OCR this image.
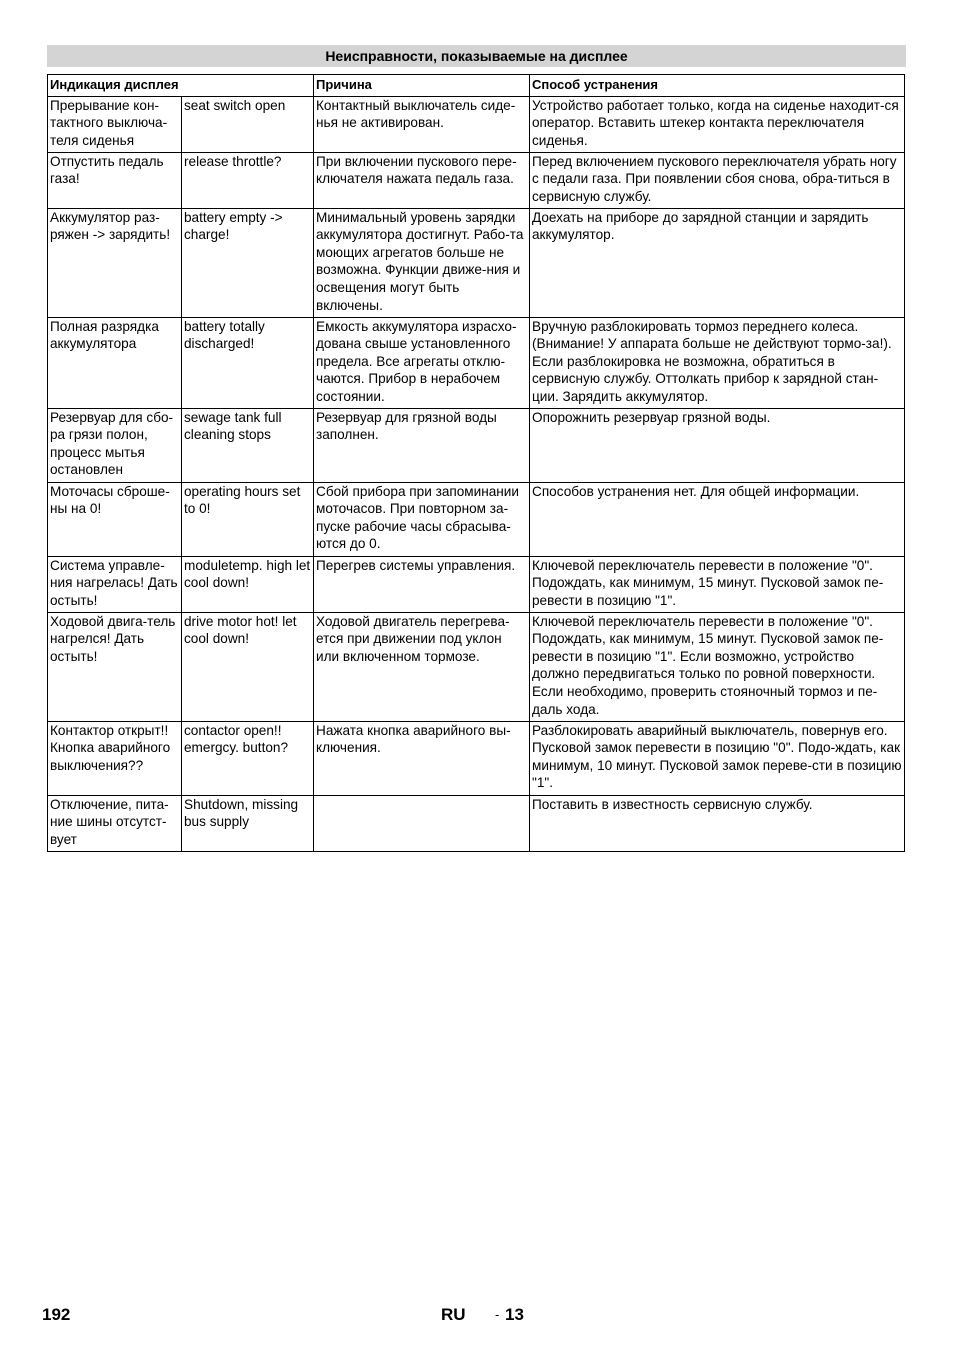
Неисправности, показываемые на дисплее
Индикация дисплея		Причина	Способ устранения
Прерывание кон-тактного выключа-теля сиденья	seat switch open	Контактный выключатель сиде-нья не активирован.	Устройство работает только, когда на сиденье находит-ся оператор. Вставить штекер контакта переключателя сиденья.
Отпустить педаль газа!	release throttle?	При включении пускового пере-ключателя нажата педаль газа.	Перед включением пускового переключателя убрать ногу с педали газа. При появлении сбоя снова, обра-титься в сервисную службу.
Аккумулятор раз-ряжен -> зарядить!	battery empty -> charge!	Минимальный уровень зарядки аккумулятора достигнут. Рабо-та моющих агрегатов больше не возможна. Функции движе-ния и освещения могут быть включены.	Доехать на приборе до зарядной станции и зарядить аккумулятор.
Полная разрядка аккумулятора	battery totally discharged!	Емкость аккумулятора израсхо-дована свыше установленного предела. Все агрегаты отклю-чаются. Прибор в нерабочем состоянии.	Вручную разблокировать тормоз переднего колеса. (Внимание! У аппарата больше не действуют тормо-за!). Если разблокировка не возможна, обратиться в сервисную службу. Оттолкать прибор к зарядной стан-ции. Зарядить аккумулятор.
Резервуар для сбо-ра грязи полон, процесс мытья остановлен	sewage tank full cleaning stops	Резервуар для грязной воды заполнен.	Опорожнить резервуар грязной воды.
Моточасы сброше-ны на 0!	operating hours set to 0!	Сбой прибора при запоминании моточасов. При повторном за-пуске рабочие часы сбрасыва-ются до 0.	Способов устранения нет. Для общей информации.
Система управле-ния нагрелась! Дать остыть!	moduletemp. high let cool down!	Перегрев системы управления.	Ключевой переключатель перевести в положение "0". Подождать, как минимум, 15 минут. Пусковой замок пе-ревести в позицию "1".
Ходовой двига-тель нагрелся! Дать остыть!	drive motor hot! let cool down!	Ходовой двигатель перегрева-ется при движении под уклон или включенном тормозе.	Ключевой переключатель перевести в положение "0". Подождать, как минимум, 15 минут. Пусковой замок пе-ревести в позицию "1". Если возможно, устройство должно передвигаться только по ровной поверхности. Если необходимо, проверить стояночный тормоз и пе-даль хода.
Контактор открыт!! Кнопка аварийного выключения??	contactor open!! emergcy. button?	Нажата кнопка аварийного вы-ключения.	Разблокировать аварийный выключатель, повернув его. Пусковой замок перевести в позицию "0". Подо-ждать, как минимум, 10 минут. Пусковой замок переве-сти в позицию "1".
Отключение, пита-ние шины отсутст-вует	Shutdown, missing bus supply		Поставить в известность сервисную службу.
192	RU - 13
